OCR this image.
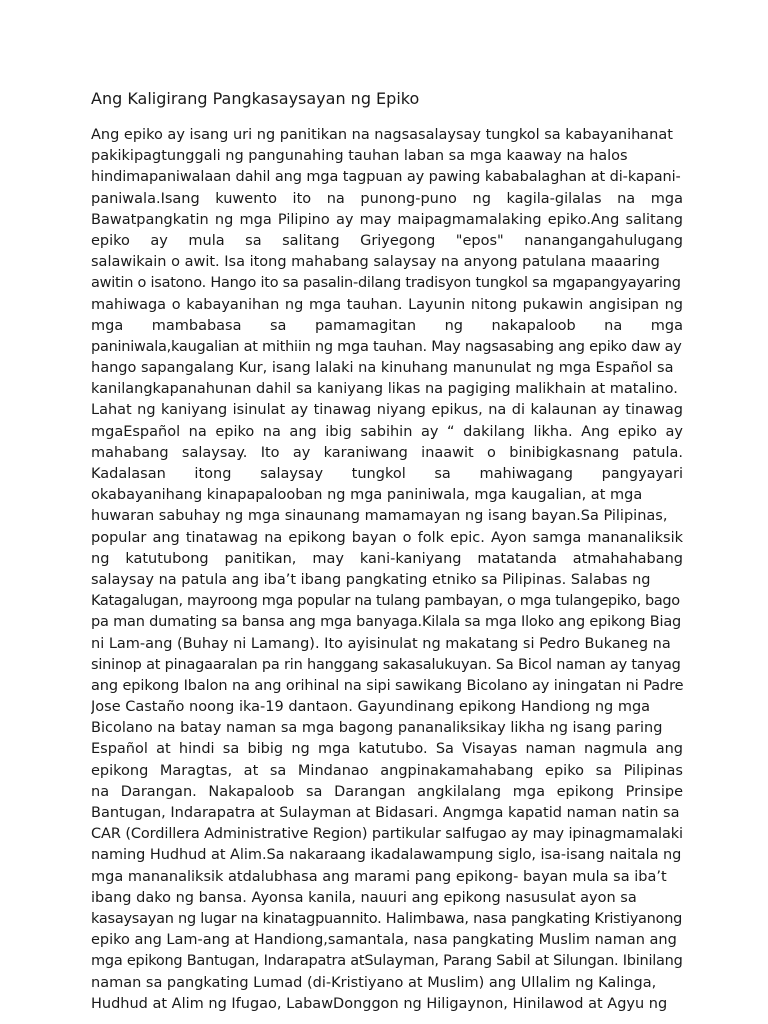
Ang Kaligirang Pangkasaysayan ng Epiko
Ang epiko ay isang uri ng panitikan na nagsasalaysay tungkol sa kabayanihanat
pakikipagtunggali ng pangunahing tauhan laban sa mga kaaway na halos
hindimapaniwalaan dahil ang mga tagpuan ay pawing kababalaghan at di-kapani-
paniwala.Isang kuwento ito na punong-puno ng kagila-gilalas na mga
Bawatpangkatin ng mga Pilipino ay may maipagmamalaking epiko.Ang salitang
epiko ay mula sa salitang Griyegong "epos" nanangangahulugang
salawikain o awit. Isa itong mahabang salaysay na anyong patulana maaaring
awitin o isatono. Hango ito sa pasalin-dilang tradisyon tungkol sa mgapangyayaring
mahiwaga o kabayanihan ng mga tauhan. Layunin nitong pukawin angisipan ng
mga mambabasa sa pamamagitan ng nakapaloob na mga
paniniwala,kaugalian at mithiin ng mga tauhan. May nagsasabing ang epiko daw ay
hango sapangalang Kur, isang lalaki na kinuhang manunulat ng mga Español sa
kanilangkapanahunan dahil sa kaniyang likas na pagiging malikhain at matalino.
Lahat ng kaniyang isinulat ay tinawag niyang epikus, na di kalaunan ay tinawag
mgaEspañol na epiko na ang ibig sabihin ay “ dakilang likha. Ang epiko ay
mahabang salaysay. Ito ay karaniwang inaawit o binibigkasnang patula.
Kadalasan itong salaysay tungkol sa mahiwagang pangyayari
okabayanihang kinapapalooban ng mga paniniwala, mga kaugalian, at mga
huwaran sabuhay ng mga sinaunang mamamayan ng isang bayan.Sa Pilipinas,
popular ang tinatawag na epikong bayan o folk epic. Ayon samga mananaliksik
ng katutubong panitikan, may kani-kaniyang matatanda atmahahabang
salaysay na patula ang iba’t ibang pangkating etniko sa Pilipinas. Salabas ng
Katagalugan, mayroong mga popular na tulang pambayan, o mga tulangepiko, bago
pa man dumating sa bansa ang mga banyaga.Kilala sa mga Iloko ang epikong Biag
ni Lam-ang (Buhay ni Lamang). Ito ayisinulat ng makatang si Pedro Bukaneg na
sininop at pinagaaralan pa rin hanggang sakasalukuyan. Sa Bicol naman ay tanyag
ang epikong Ibalon na ang orihinal na sipi sawikang Bicolano ay iningatan ni Padre
Jose Castaño noong ika-19 dantaon. Gayundinang epikong Handiong ng mga
Bicolano na batay naman sa mga bagong pananaliksikay likha ng isang paring
Español at hindi sa bibig ng mga katutubo. Sa Visayas naman nagmula ang
epikong Maragtas, at sa Mindanao angpinakamahabang epiko sa Pilipinas
na Darangan. Nakapaloob sa Darangan angkilalang mga epikong Prinsipe
Bantugan, Indarapatra at Sulayman at Bidasari. Angmga kapatid naman natin sa
CAR (Cordillera Administrative Region) partikular saIfugao ay may ipinagmamalaki
naming Hudhud at Alim.Sa nakaraang ikadalawampung siglo, isa-isang naitala ng
mga mananaliksik atdalubhasa ang marami pang epikong- bayan mula sa iba’t
ibang dako ng bansa. Ayonsa kanila, nauuri ang epikong nasusulat ayon sa
kasaysayan ng lugar na kinatagpuannito. Halimbawa, nasa pangkating Kristiyanong
epiko ang Lam-ang at Handiong,samantala, nasa pangkating Muslim naman ang
mga epikong Bantugan, Indarapatra atSulayman, Parang Sabil at Silungan. Ibinilang
naman sa pangkating Lumad (di-Kristiyano at Muslim) ang Ullalim ng Kalinga,
Hudhud at Alim ng Ifugao, LabawDonggon ng Hiligaynon, Hinilawod at Agyu ng
